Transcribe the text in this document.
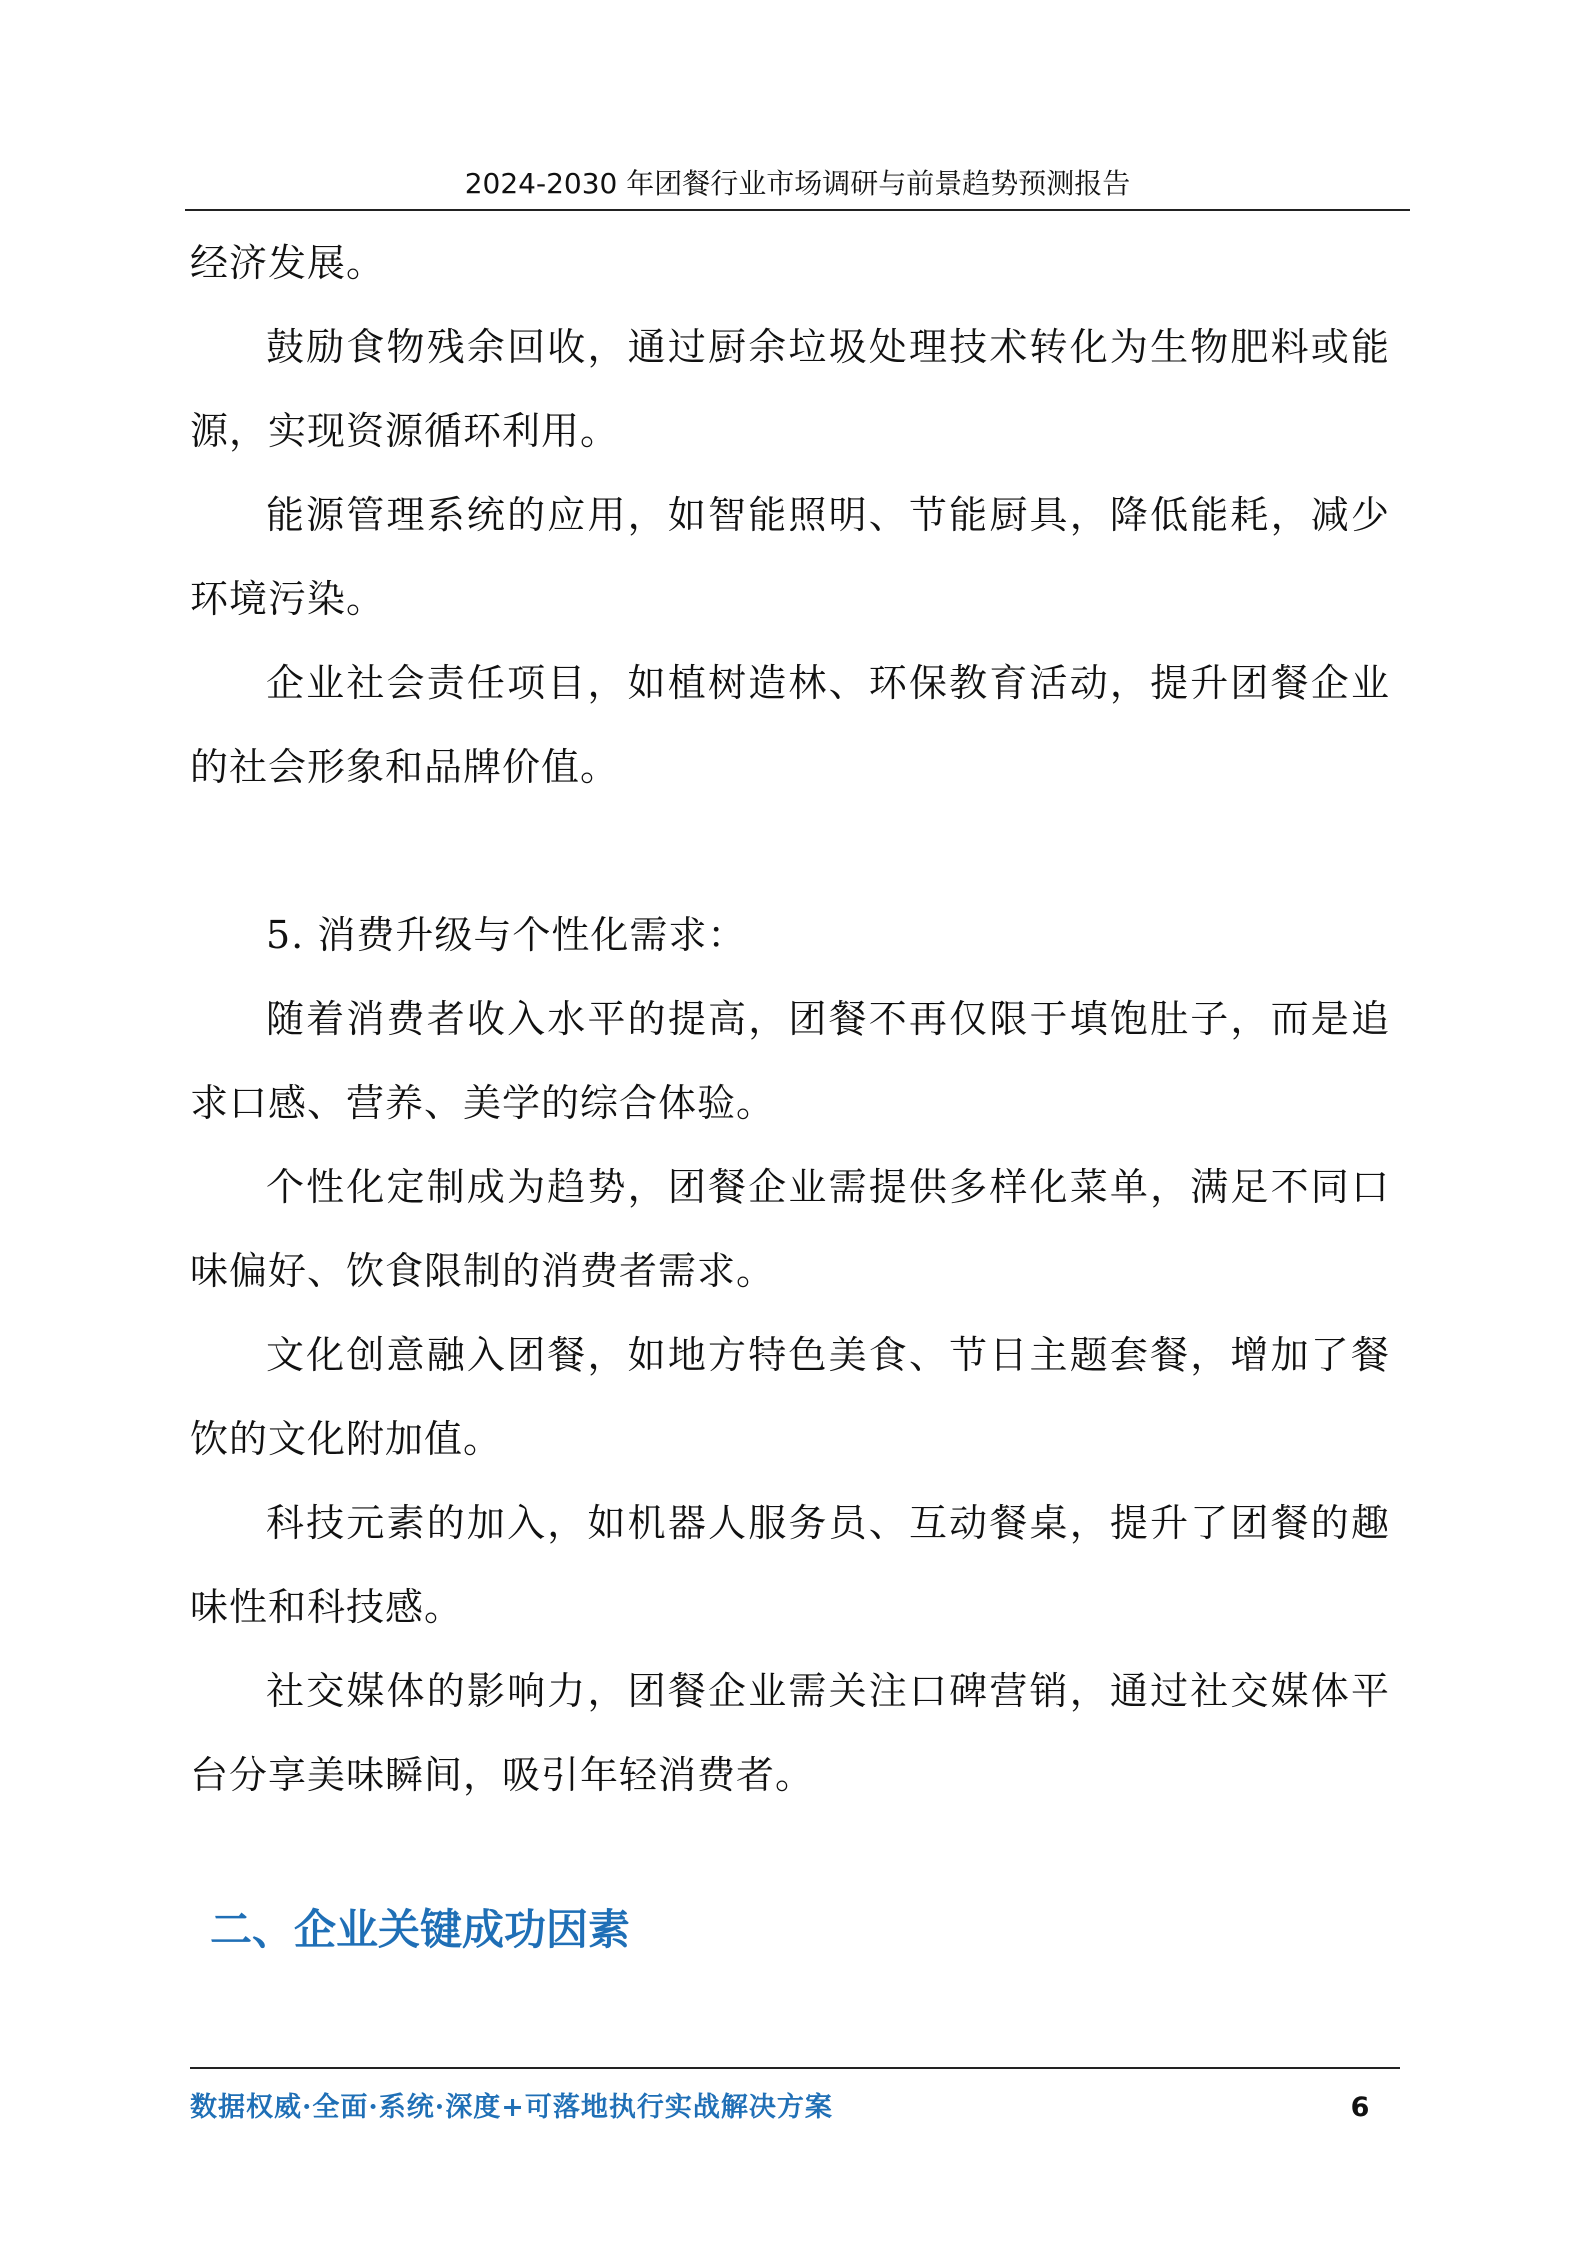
2024-2030 年团餐行业市场调研与前景趋势预测报告

经济发展。

鼓励食物残余回收，通过厨余垃圾处理技术转化为生物肥料或能源，实现资源循环利用。

能源管理系统的应用，如智能照明、节能厨具，降低能耗，减少环境污染。

企业社会责任项目，如植树造林、环保教育活动，提升团餐企业的社会形象和品牌价值。

5. 消费升级与个性化需求：

随着消费者收入水平的提高，团餐不再仅限于填饱肚子，而是追求口感、营养、美学的综合体验。

个性化定制成为趋势，团餐企业需提供多样化菜单，满足不同口味偏好、饮食限制的消费者需求。

文化创意融入团餐，如地方特色美食、节日主题套餐，增加了餐饮的文化附加值。

科技元素的加入，如机器人服务员、互动餐桌，提升了团餐的趣味性和科技感。

社交媒体的影响力，团餐企业需关注口碑营销，通过社交媒体平台分享美味瞬间，吸引年轻消费者。

二、企业关键成功因素
数据权威·全面·系统·深度+可落地执行实战解决方案	6
